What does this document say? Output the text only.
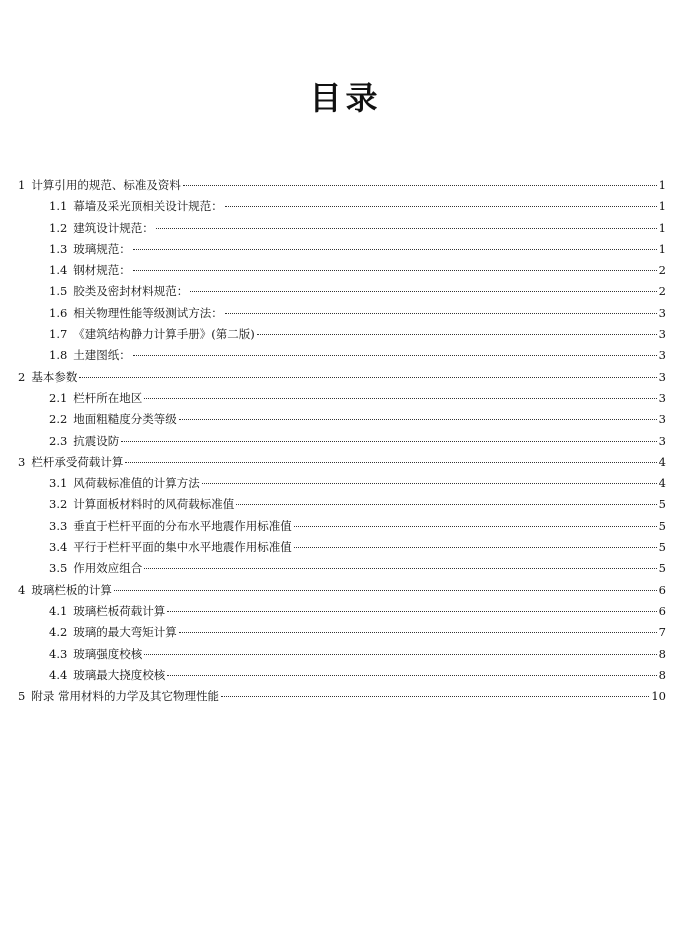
目录
1 计算引用的规范、标准及资料	1
1.1 幕墙及采光顶相关设计规范：	1
1.2 建筑设计规范：	1
1.3 玻璃规范：	1
1.4 钢材规范：	2
1.5 胶类及密封材料规范：	2
1.6 相关物理性能等级测试方法：	3
1.7 《建筑结构静力计算手册》(第二版)	3
1.8 土建图纸：	3
2 基本参数	3
2.1 栏杆所在地区	3
2.2 地面粗糙度分类等级	3
2.3 抗震设防	3
3 栏杆承受荷载计算	4
3.1 风荷载标准值的计算方法	4
3.2 计算面板材料时的风荷载标准值	5
3.3 垂直于栏杆平面的分布水平地震作用标准值	5
3.4 平行于栏杆平面的集中水平地震作用标准值	5
3.5 作用效应组合	5
4 玻璃栏板的计算	6
4.1 玻璃栏板荷载计算	6
4.2 玻璃的最大弯矩计算	7
4.3 玻璃强度校核	8
4.4 玻璃最大挠度校核	8
5 附录 常用材料的力学及其它物理性能	10
